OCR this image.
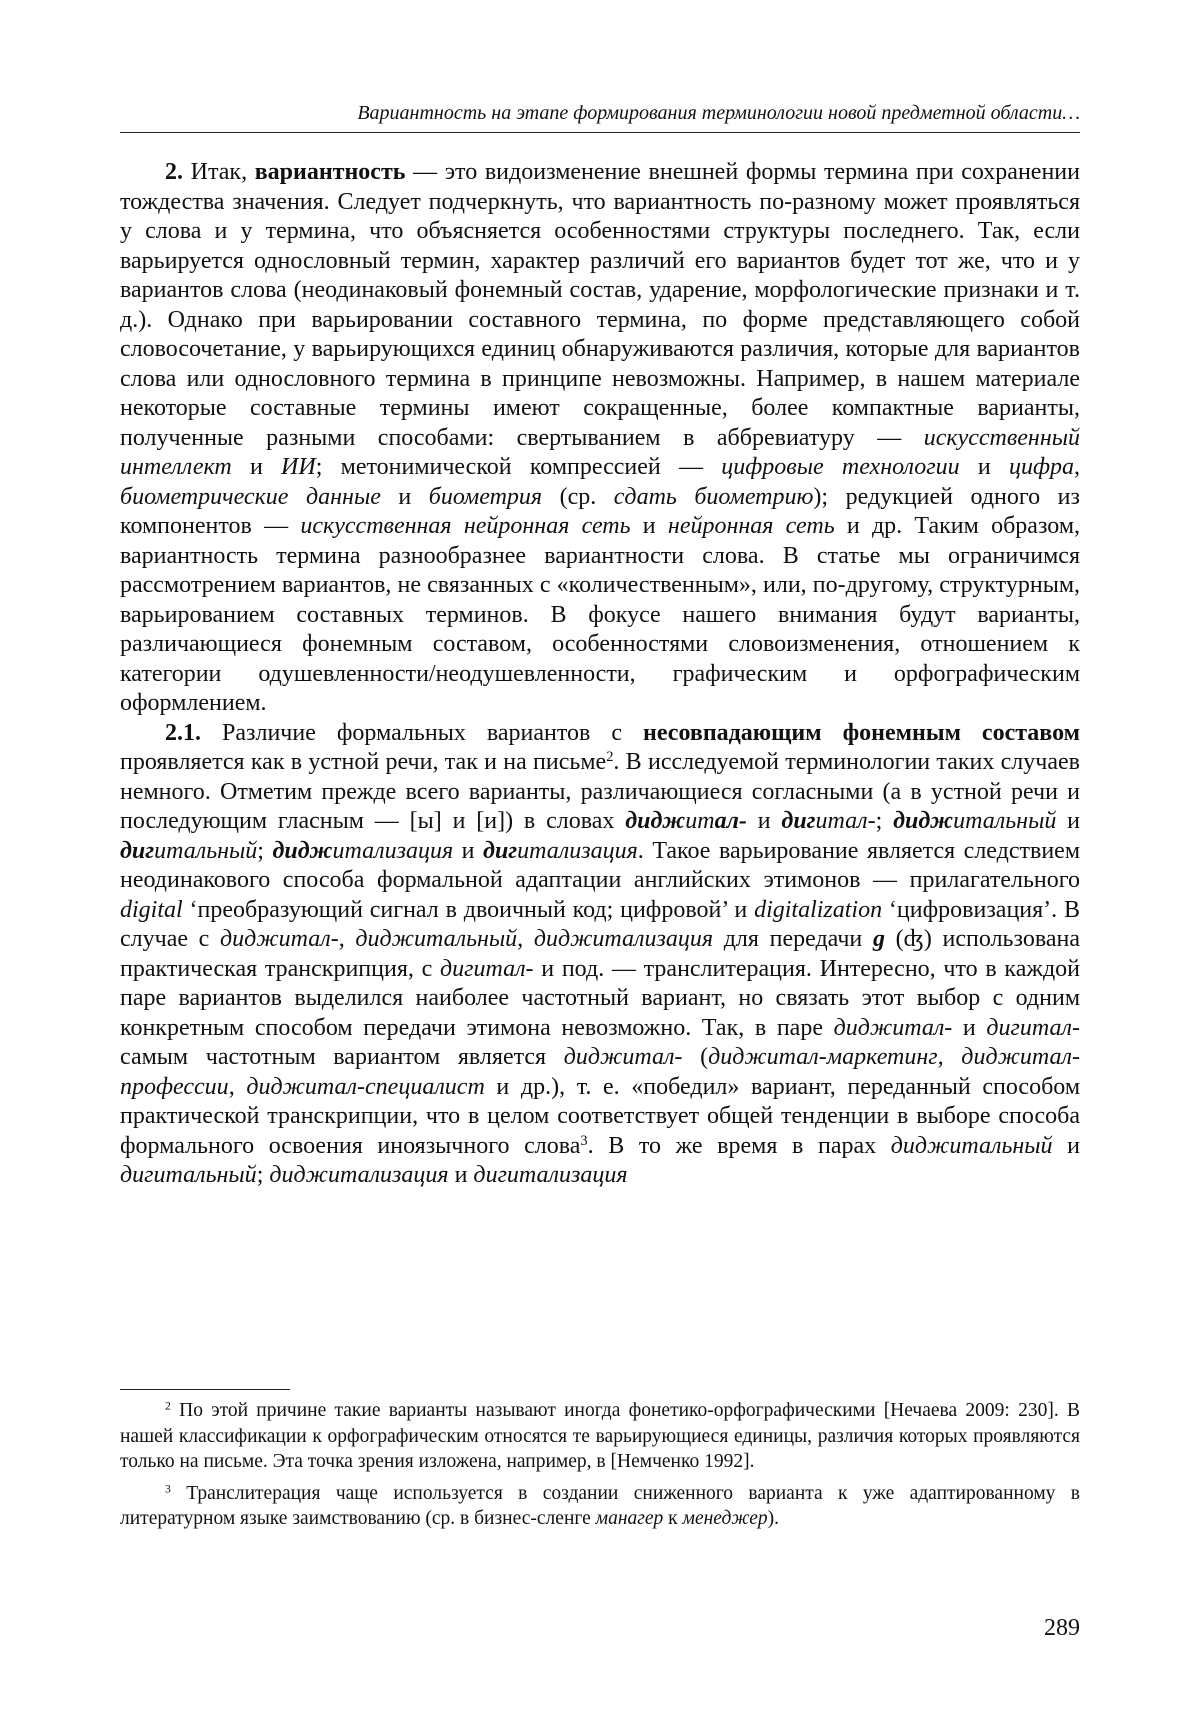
Вариантность на этапе формирования терминологии новой предметной области…

2. Итак, вариантность — это видоизменение внешней формы термина при сохранении тождества значения. Следует подчеркнуть, что вариантность по-разному может проявляться у слова и у термина, что объясняется особенностями структуры последнего. Так, если варьируется однословный термин, характер различий его вариантов будет тот же, что и у вариантов слова (неодинаковый фонемный состав, ударение, морфологические признаки и т. д.). Однако при варьировании составного термина, по форме представляющего собой словосочетание, у варьирующихся единиц обнаруживаются различия, которые для вариантов слова или однословного термина в принципе невозможны. Например, в нашем материале некоторые составные термины имеют сокращенные, более компактные варианты, полученные разными способами: свертыванием в аббревиатуру — искусственный интеллект и ИИ; метонимической компрессией — цифровые технологии и цифра, биометрические данные и биометрия (ср. сдать биометрию); редукцией одного из компонентов — искусственная нейронная сеть и нейронная сеть и др. Таким образом, вариантность термина разнообразнее вариантности слова. В статье мы ограничимся рассмотрением вариантов, не связанных с «количественным», или, по-другому, структурным, варьированием составных терминов. В фокусе нашего внимания будут варианты, различающиеся фонемным составом, особенностями словоизменения, отношением к категории одушевленности/неодушевленности, графическим и орфографическим оформлением.

2.1. Различие формальных вариантов с несовпадающим фонемным составом проявляется как в устной речи, так и на письме$^2$. В исследуемой терминологии таких случаев немного. Отметим прежде всего варианты, различающиеся согласными (а в устной речи и последующим гласным — [ы] и [и]) в словах диджитал- и дигитал-; диджитальный и дигитальный; диджитализация и дигитализация. Такое варьирование является следствием неодинакового способа формальной адаптации английских этимонов — прилагательного digital ‘преобразующий сигнал в двоичный код; цифровой’ и digitalization ‘цифровизация’. В случае с диджитал-, диджитальный, диджитализация для передачи g (ʤ) использована практическая транскрипция, с дигитал- и под. — транслитерация. Интересно, что в каждой паре вариантов выделился наиболее частотный вариант, но связать этот выбор с одним конкретным способом передачи этимона невозможно. Так, в паре диджитал- и дигитал- самым частотным вариантом является диджитал- (диджитал-маркетинг, диджитал-профессии, диджитал-специалист и др.), т. е. «победил» вариант, переданный способом практической транскрипции, что в целом соответствует общей тенденции в выборе способа формального освоения иноязычного слова$^3$. В то же время в парах диджитальный и дигитальный; диджитализация и дигитализация

$^2$ По этой причине такие варианты называют иногда фонетико-орфографическими [Нечаева 2009: 230]. В нашей классификации к орфографическим относятся те варьирующиеся единицы, различия которых проявляются только на письме. Эта точка зрения изложена, например, в [Немченко 1992].

$^3$ Транслитерация чаще используется в создании сниженного варианта к уже адаптированному в литературном языке заимствованию (ср. в бизнес-сленге манагер к менеджер).

289
